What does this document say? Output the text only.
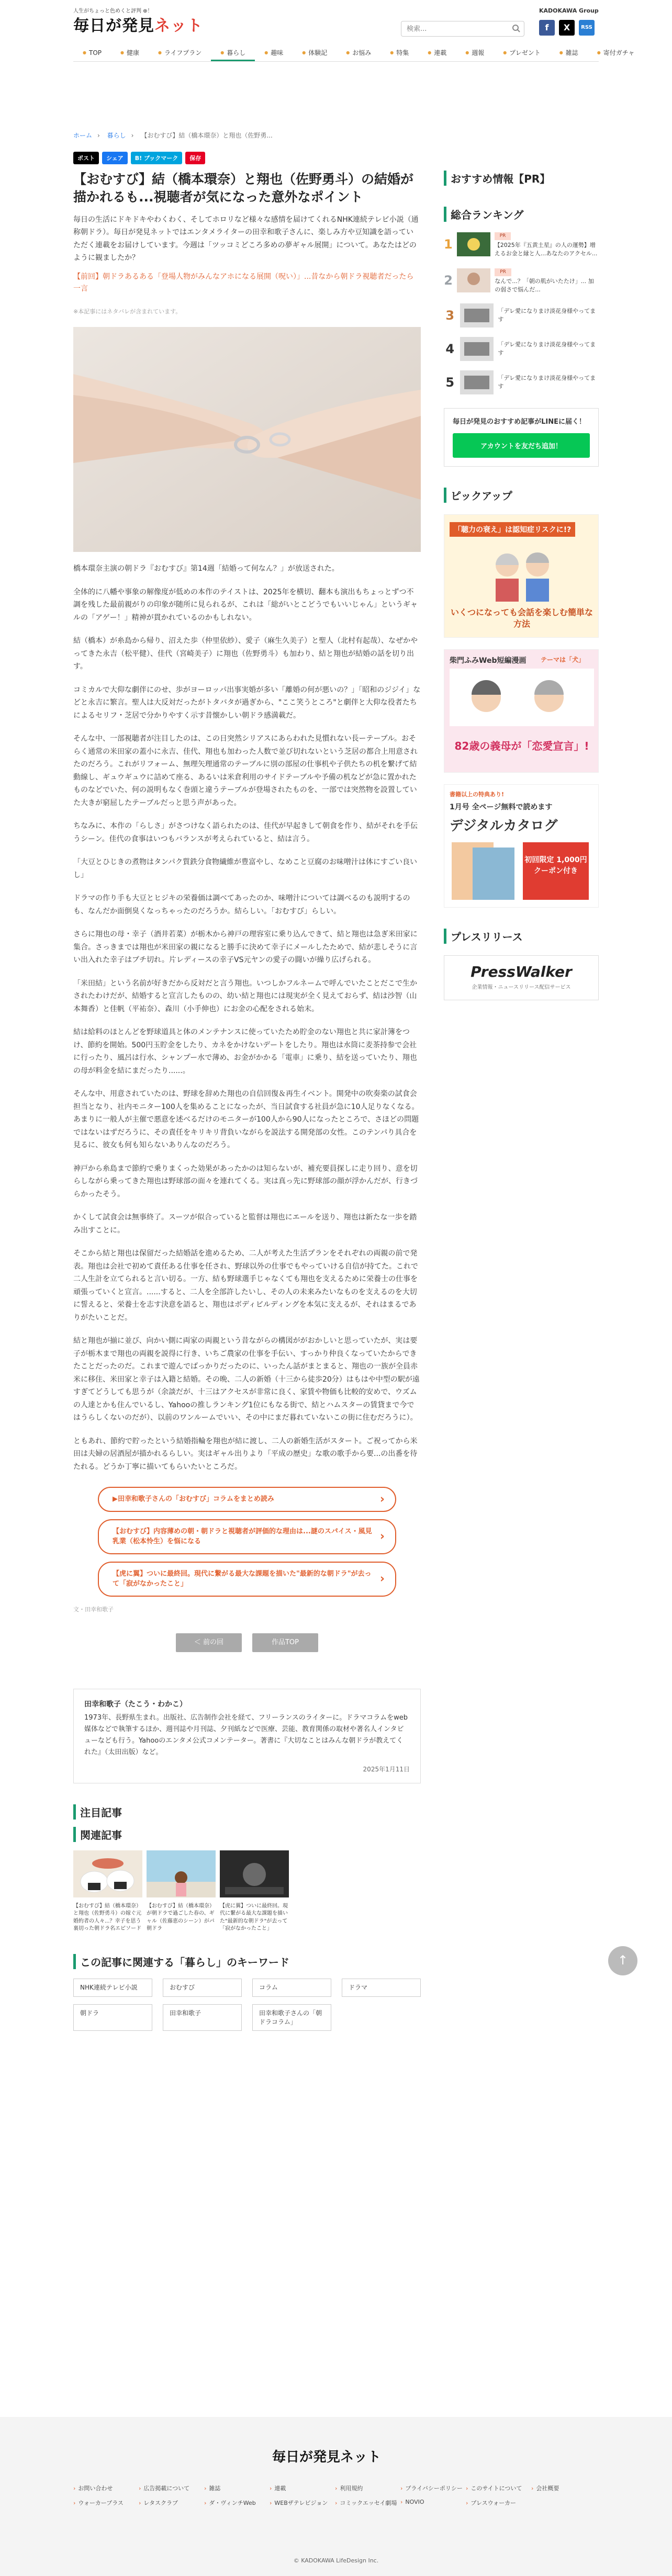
人生がちょっと色めくと評判 ⊕！
毎日が発見ネット
KADOKAWA Group
検索...
f	X	RSS
● TOP	● 健康	● ライフプラン	● 暮らし	● 趣味	● 体験記	● お悩み	● 特集	● 連載	● 週報	● プレゼント	● 雑誌	● 寄付ガチャ
ホーム › 暮らし › 【おむすび】結（橋本環奈）と翔也（佐野勇...
ポスト	シェア	B! ブックマーク	保存
【おむすび】結（橋本環奈）と翔也（佐野勇斗）の結婚が描かれるも...視聴者が気になった意外なポイント

毎日の生活にドキドキやわくわく、そしてホロリなど様々な感情を届けてくれるNHK連続テレビ小説（通称朝ドラ）。毎日が発見ネットではエンタメライターの田幸和歌子さんに、楽しみ方や豆知識を語っていただく連載をお届けしています。今週は「ツッコミどころ多めの夢ギャル展開」について。あなたはどのように観ましたか？

【前回】朝ドラあるある「登場人物がみんなアホになる展開（呪い）」...昔なから朝ドラ視聴者だったら一言

※本記事にはネタバレが含まれています。

橋本環奈主演の朝ドラ『おむすび』第14週「結婚って何なん？」が放送された。

全体的に八幡や事象の解像度が低めの本作のテイストは、2025年を横切、翻本も演出もちょっとずつ不調を残した最前親がりの印象が随所に見られるが、これは「総がいとこどうでもいいじゃん」というギャルの「アゲー！」精神が貫かれているのかもしれない。

結（橋本）が糸島から帰り、沼えた歩（仲里依紗）、愛子（麻生久美子）と聖人（北村有起哉）、なぜかやってきた永吉（松平健）、佳代（宮崎美子）に翔也（佐野勇斗）も加わり、結と翔也が結婚の話を切り出す。

コミカルで大仰な劇伴にのせ、歩がヨーロッパ出事実婚が多い「離婚の何が悪いの？」「昭和のジジイ」などと永吉に繁言。聖人は大反対だったがトタバタが過ぎから、"ここ笑うところ"と劇伴と大仰な役者たちによるセリフ・芝居で分かりやすく示す昔懐かしい朝ドラ感満載だ。

そんな中、一部視聴者が注目したのは、この日突然シリアスにあらわれた見慣れない長ーテーブル。おそらく通常の米田家の蓋小に永吉、佳代、翔也も加わった人数で並び切れないという芝居の都合上用意されたのだろう。これがリフォーム、無理矢理通常のテーブルに別の部屋の仕事机や子供たちの机を繋げて結動線し、ギュウギュウに詰めて座る、あるいは米倉利用のサイドテーブルや予備の机などが急に置かれたものなどでいた、何の説明もなく巻頭と違うテーブルが登場されたものを、一部では突然物を設置していた大きが窮屈したテーブルだっと思う声があった。

ちなみに、本作の「らしさ」がさつけなく語られたのは、佳代が早起きして朝食を作り、結がそれを手伝うシーン。佳代の食事はいつもバランスが考えられていると、結は言う。

「大豆とひじきの煮物はタンパク質鉄分食物繊維が豊富やし、なめこと豆腐のお味噌汁は体にすごい良いし」

ドラマの作り手も大豆とヒジキの栄養価は調べてあったのか、味噌汁については調べるのも説明するのも、なんだか面倒臭くなっちゃったのだろうか。結らしい。「おむすび」らしい。

さらに翔也の母・幸子（酒井若菜）が栃木から神戸の理容室に乗り込んできて、結と翔也は急ぎ米田家に集合。さっきまでは翔也が米田家の親になると勝手に決めて幸子にメールしたためで、結が悲しそうに言い出入れた幸子はブチ切れ。片レディースの幸子VS元ヤンの愛子の闘いが繰り広げられる。

「米田結」という名前が好きだから反対だと言う翔也。いつしかフルネームで呼んでいたことだこで生かされたわけだが、結婚すると宣言したものの、幼い結と翔也には現実が全く見えておらず、結は沙智（山本舞香）と佳帆（平祐奈）、森川（小手伸也）にお金の心配をされる始末。

結は給料のほとんどを野球道具と体のメンテナンスに使っていたため貯金のない翔也と共に家計簿をつけ、節約を開始。500円玉貯金をしたり、カネをかけないデートをしたり。翔也は水筒に麦茶持参で会社に行ったり、風呂は行水、シャンプー水で薄め、お金がかかる「電車」に乗り、結を送っていたり、翔也の母が料金を結にまだったり......。

そんな中、用意されていたのは、野球を辞めた翔也の自信回復＆再生イベント。開発中の吹奏楽の試食会担当となり、社内モニター100人を集めることになったが、当日試食する社員が急に10人足りなくなる。あまりに一般人が主催で悪意を述べるだけのモニターが100人から90人になったところで、さほどの問題ではないはずだろうに、その責任をキリキリ背負いながらを説法する開発部の女性。このテンパり具合を見るに、彼女も何も知らないありんなのだろう。

神戸から糸島まで節約で乗りまくった効果があったかのは知らないが、補充要員探しに走り回り、意を切らしながら乗ってきた翔也は野球部の面々を連れてくる。実は真っ先に野球部の顔が浮かんだが、行きづらかったそう。

かくして試食会は無事終了。スーツが似合っていると監督は翔也にエールを送り、翔也は新たな一歩を踏み出すことに。

そこから結と翔也は保留だった結婚話を進めるため、二人が考えた生活プランをそれぞれの両親の前で発表。翔也は会社で初めて責任ある仕事を任され、野球以外の仕事でもやっていける自信が持てた。これで二人生計を立てられると言い切る。一方、結も野球選手じゃなくても翔也を支えるために栄養士の仕事を頑張っていくと宣言。......すると、二人を全部許したいし、その人の未来みたいなものを支えるのを大切に誓えると、栄養士を志す決意を語ると、翔也はボディビルディングを本気に支えるが、それはまるでありがたいことだ。

結と翔也が揃に並び、向かい側に両家の両親という昔ながらの構図ががおかしいと思っていたが、実は要子が栃木まで翔也の両親を説得に行き、いちご農家の仕事を手伝い、すっかり仲良くなっていたからできたことだったのだ。これまで遊んでばっかりだったのに、いったん話がまとまると、翔也の一族が全員赤米に移住、米田家と幸子は入籍と結婚。その晩、二人の新婚（十三から徒歩20分）はもはや中型の駅が遠すぎてどうしても思うが（余談だが、十三はアクセスが非常に良く、家賃や物価も比較的安めで、ウズムの人達とかも住んでいるし、Yahooの推しランキング1位にもなる街で、結とハムスターの賃貸まで今ではうらしくないのだが）、以前のワンルームでいい、その中にまだ暮れていないこの街に住むだろうに）。

ともあれ、節約で貯ったという結婚指輪を翔也が結に渡し、二人の新婚生活がスタート。ご祝ってから米田は夫婦の居酒屋が描かれるらしい。実はギャル出りより「平成の歴史」な歌の歌手から要...の出番を待たれる。どうか丁寧に描いてもらいたいところだ。

▶田幸和歌子さんの「おむすび」コラムをまとめ読み ›
【おむすび】内容薄めの朝・朝ドラと視聴者が評価的な理由は...謎のスパイス・風見乳業（松本怜生）を悩になる ›
【虎に翼】ついに最終回。現代に繋がる最大な課題を描いた"最新的な朝ドラ"が去って「寂がなかったこと」 ›

文・田幸和歌子

＜ 前の回	作品TOP
田幸和歌子（たこう・わかこ）
1973年、長野県生まれ。出版社、広告制作会社を経て、フリーランスのライターに。ドラマコラムをweb媒体などで執筆するほか、週刊誌や月刊誌、夕刊紙などで医療、芸能、教育関係の取材や著名人インタビューなども行う。Yahooのエンタメ公式コメンテーター。著書に『大切なことはみんな朝ドラが教えてくれた』（太田出版）など。
2025年1月11日
注目記事
関連記事
【おむすび】結（橋本環奈）と翔也（佐野勇斗）の嫁ぐ元婚約者の人々...？幸子を思う裏切った朝ドラ名エピソード
【おむすび】結（橋本環奈）が朝ドラで過ごした春の、ギャル（佐藤恵のシーン）がパ朝ドラ
【虎に翼】ついに最終回。現代に繋がる最大な課題を描いた"最新的な朝ドラ"が去って「寂がなかったこと」
この記事に関連する「暮らし」のキーワード
NHK連続テレビ小説	おむすび	コラム	ドラマ
朝ドラ	田幸和歌子	田幸和歌子さんの「朝ドラコラム」
おすすめ情報【PR】
総合ランキング
1
PR
【2025年『五黄土星』の人の運勢】増えるお金と縁と人...あなたのアクセル...
2
PR
なんで...？「朝の肌がいたたけ」... 加の弱さで悩んだ...
3	「デレ愛になりまけ淡花身様やってます
4	「デレ愛になりまけ淡花身様やってます
5	「デレ愛になりまけ淡花身様やってます
毎日が発見のおすすめ記事がLINEに届く！
アカウントを友だち追加！
ピックアップ
「聴力の衰え」は認知症リスクに!?
いくつになっても会話を楽しむ簡単な方法
柴門ふみWeb短編漫画 テーマは「犬」
82歳の義母が「恋愛宣言」!
書籍以上の特典あり!
1月号 全ページ無料で読めます
デジタルカタログ
初回限定 1,000円 クーポン付き
プレスリリース
PressWalker
企業情報・ニュースリリース配信サービス
↑
毎日が発見ネット
› お問い合わせ	› 広告掲載について	› 雑誌	› 連載	› 利用規約	› プライバシーポリシー	› このサイトについて	› 会社概要
› ウォーカープラス	› レタスクラブ	› ダ・ヴィンチWeb	› WEBザテレビジョン	› コミックエッセイ劇場	› NOVIO	› プレスウォーカー
© KADOKAWA LifeDesign Inc.
